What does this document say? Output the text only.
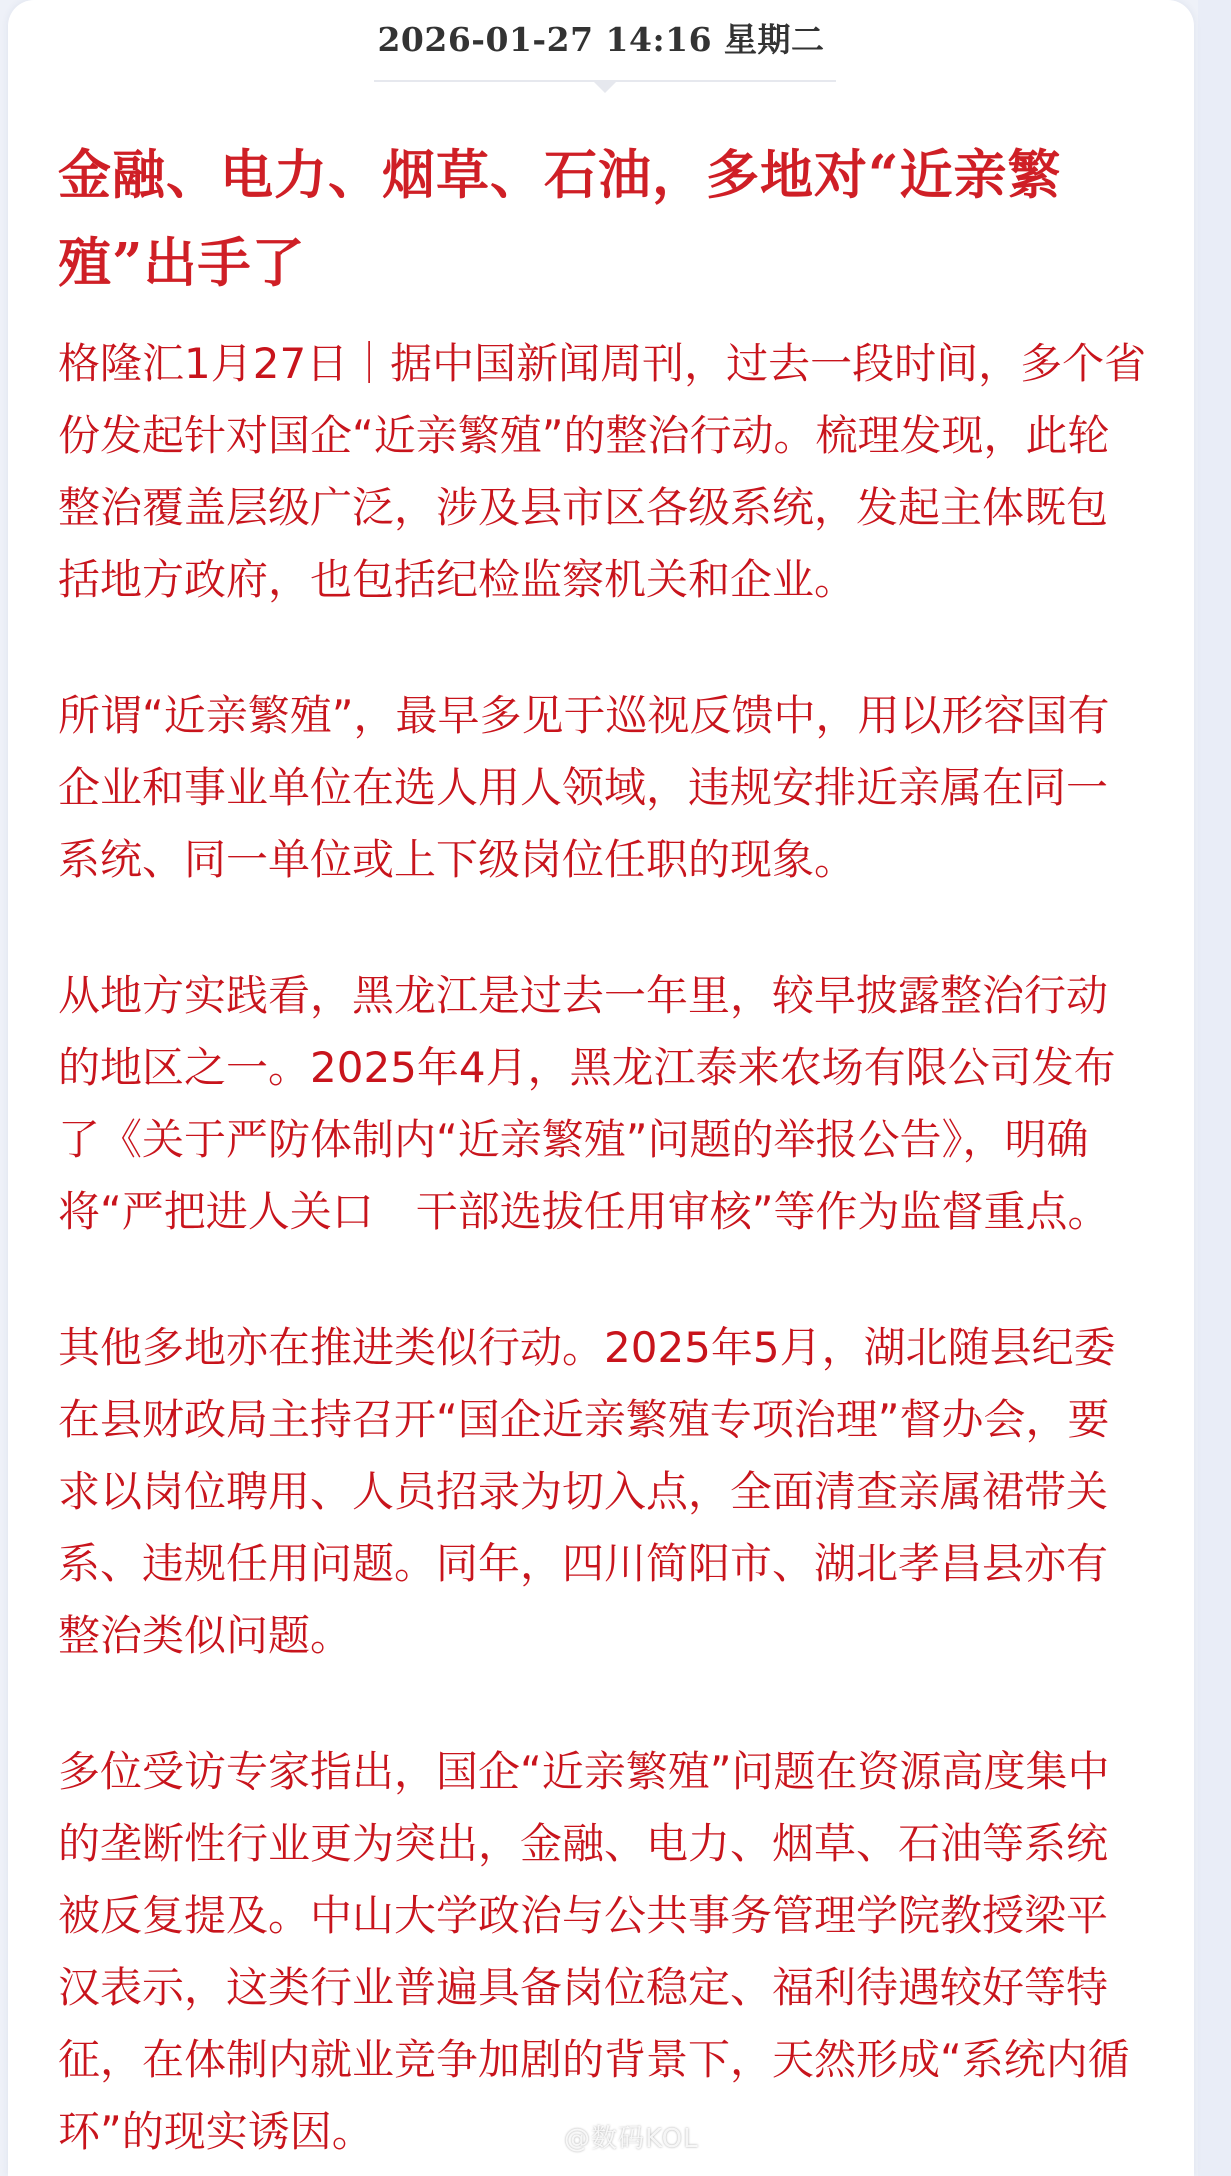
2026-01-27 14:16 星期二
金融、电力、烟草、石油，多地对“近亲繁殖”出手了

格隆汇1月27日｜据中国新闻周刊，过去一段时间，多个省份发起针对国企“近亲繁殖”的整治行动。梳理发现，此轮整治覆盖层级广泛，涉及县市区各级系统，发起主体既包括地方政府，也包括纪检监察机关和企业。

所谓“近亲繁殖”，最早多见于巡视反馈中，用以形容国有企业和事业单位在选人用人领域，违规安排近亲属在同一系统、同一单位或上下级岗位任职的现象。

从地方实践看，黑龙江是过去一年里，较早披露整治行动的地区之一。2025年4月，黑龙江泰来农场有限公司发布了《关于严防体制内“近亲繁殖”问题的举报公告》，明确将“严把进人关口　干部选拔任用审核”等作为监督重点。

其他多地亦在推进类似行动。2025年5月，湖北随县纪委在县财政局主持召开“国企近亲繁殖专项治理”督办会，要求以岗位聘用、人员招录为切入点，全面清查亲属裙带关系、违规任用问题。同年，四川简阳市、湖北孝昌县亦有整治类似问题。

多位受访专家指出，国企“近亲繁殖”问题在资源高度集中的垄断性行业更为突出，金融、电力、烟草、石油等系统被反复提及。中山大学政治与公共事务管理学院教授梁平汉表示，这类行业普遍具备岗位稳定、福利待遇较好等特征，在体制内就业竞争加剧的背景下，天然形成“系统内循环”的现实诱因。	@数码KOL
